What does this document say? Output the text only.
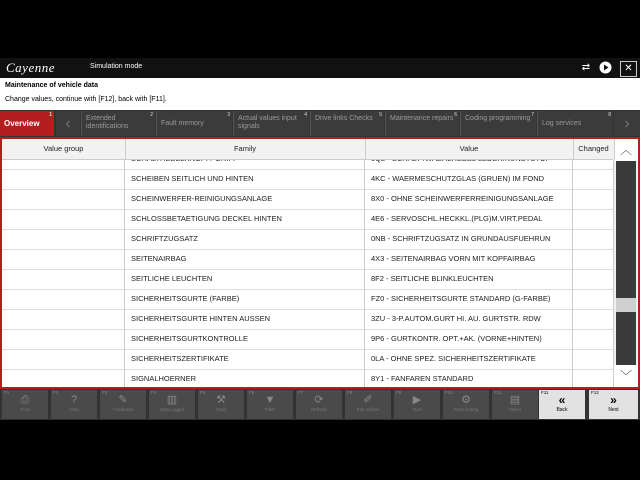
Cayenne	Simulation mode	⇄	✕
Maintenance of vehicle data
Change values, continue with [F12], back with [F11].
Overview
1 ‹	Extended identifications
2
Fault memory
3	Actual values input signals
4	Drive links Checks 5	Maintenance repairs 6	Coding programming 7
Log services
8 ›
Value group	Family	Value	Changed
SCHEIBEN SEITLICH UND HINTEN	4KC - WAERMESCHUTZGLAS (GRUEN) IM FOND
SCHEINWERFER-REINIGUNGSANLAGE	8X0 - OHNE SCHEINWERFERREINIGUNGSANLAGE
SCHLOSSBETAETIGUNG DECKEL HINTEN	4E6 - SERVOSCHL.HECKKL.(PLG)M.VIRT.PEDAL
SCHRIFTZUGSATZ	0NB - SCHRIFTZUGSATZ IN GRUNDAUSFUEHRUN
SEITENAIRBAG	4X3 - SEITENAIRBAG VORN MIT KOPFAIRBAG
SEITLICHE LEUCHTEN	8F2 - SEITLICHE BLINKLEUCHTEN
SICHERHEITSGURTE (FARBE)	FZ0 - SICHERHEITSGURTE STANDARD (G-FARBE)
SICHERHEITSGURTE HINTEN AUSSEN	3ZU - 3-P.AUTOM.GURT HI. AU. GURTSTR. RDW
SICHERHEITSGURTKONTROLLE	9P6 - GURTKONTR. OPT.+AK. (VORNE+HINTEN)
SICHERHEITSZERTIFIKATE	0LA - OHNE SPEZ. SICHERHEITSZERTIFIKATE
SIGNALHOERNER	8Y1 - FANFAREN STANDARD
︿
﹀
F1
⎙
Print
F2
?
Help
F3
✎
Feedback
F4
▥
Data Logger
F5
⚒
Tools
F6
▼
Filter
F7
⟳
Refresh
F8
✐
Edit Values
F9
▶
Start
F10
⚙
Fault finding
F11
▤
Select
F11
«
Back
F12
»
Next
